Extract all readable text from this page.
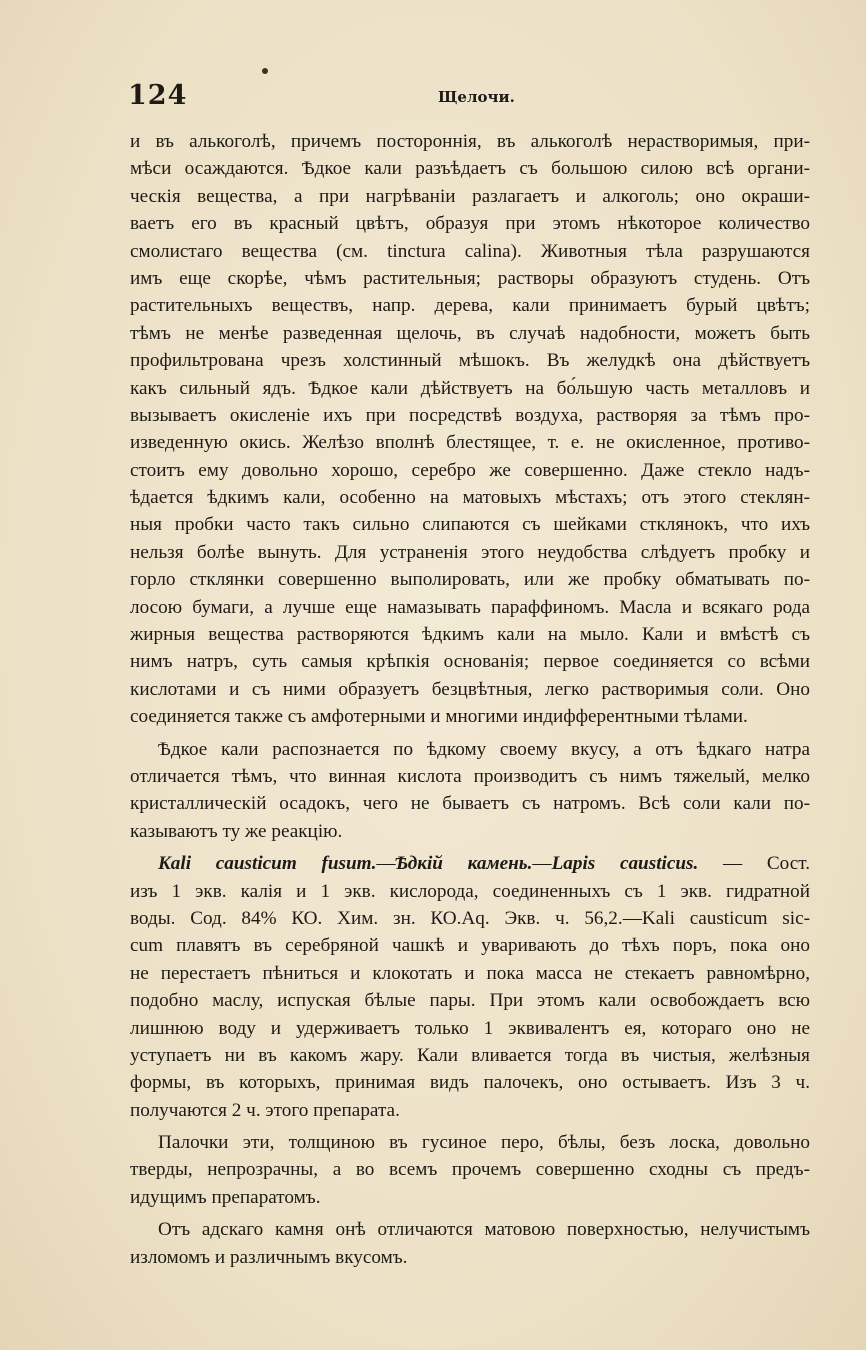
124	Щелочи.
и въ алькоголѣ, причемъ постороннія, въ алькоголѣ нерастворимыя, при-
мѣси осаждаются. Ѣдкое кали разъѣдаетъ съ большою силою всѣ органи-
ческія вещества, а при нагрѣваніи разлагаетъ и алкоголь; оно окраши-
ваетъ его въ красный цвѣтъ, образуя при этомъ нѣкоторое количество
смолистаго вещества (см. tinctura calina). Животныя тѣла разрушаются
имъ еще скорѣе, чѣмъ растительныя; растворы образуютъ студень. Отъ
растительныхъ веществъ, напр. дерева, кали принимаетъ бурый цвѣтъ;
тѣмъ не менѣе разведенная щелочь, въ случаѣ надобности, можетъ быть
профильтрована чрезъ холстинный мѣшокъ. Въ желудкѣ она дѣйствуетъ
какъ сильный ядъ. Ѣдкое кали дѣйствуетъ на бо́льшую часть металловъ и
вызываетъ окисленіе ихъ при посредствѣ воздуха, растворяя за тѣмъ про-
изведенную окись. Желѣзо вполнѣ блестящее, т. е. не окисленное, противо-
стоитъ ему довольно хорошо, серебро же совершенно. Даже стекло надъ-
ѣдается ѣдкимъ кали, особенно на матовыхъ мѣстахъ; отъ этого стеклян-
ныя пробки часто такъ сильно слипаются съ шейками стклянокъ, что ихъ
нельзя болѣе вынуть. Для устраненія этого неудобства слѣдуетъ пробку и
горло стклянки совершенно выполировать, или же пробку обматывать по-
лосою бумаги, а лучше еще намазывать параффиномъ. Масла и всякаго рода
жирныя вещества растворяются ѣдкимъ кали на мыло. Кали и вмѣстѣ съ
нимъ натръ, суть самыя крѣпкія основанія; первое соединяется со всѣми
кислотами и съ ними образуетъ безцвѣтныя, легко растворимыя соли. Оно
соединяется также съ амфотерными и многими индифферентными тѣлами.
Ѣдкое кали распознается по ѣдкому своему вкусу, а отъ ѣдкаго натра
отличается тѣмъ, что винная кислота производитъ съ нимъ тяжелый, мелко
кристаллическій осадокъ, чего не бываетъ съ натромъ. Всѣ соли кали по-
казываютъ ту же реакцію.
Kali causticum fusum.—Ѣдкій камень.—Lapis causticus. — Сост.
изъ 1 экв. калія и 1 экв. кислорода, соединенныхъ съ 1 экв. гидратной
воды. Сод. 84% КО. Хим. зн. КО.Aq. Экв. ч. 56,2.—Kali causticum sic-
cum плавятъ въ серебряной чашкѣ и уваривають до тѣхъ поръ, пока оно
не перестаетъ пѣниться и клокотать и пока масса не стекаетъ равномѣрно,
подобно маслу, испуская бѣлые пары. При этомъ кали освобождаетъ всю
лишнюю воду и удерживаетъ только 1 эквивалентъ ея, котораго оно не
уступаетъ ни въ какомъ жару. Кали вливается тогда въ чистыя, желѣзныя
формы, въ которыхъ, принимая видъ палочекъ, оно остываетъ. Изъ 3 ч.
получаются 2 ч. этого препарата.
Палочки эти, толщиною въ гусиное перо, бѣлы, безъ лоска, довольно
тверды, непрозрачны, а во всемъ прочемъ совершенно сходны съ предъ-
идущимъ препаратомъ.
Отъ адскаго камня онѣ отличаются матовою поверхностью, нелучистымъ
изломомъ и различнымъ вкусомъ.
